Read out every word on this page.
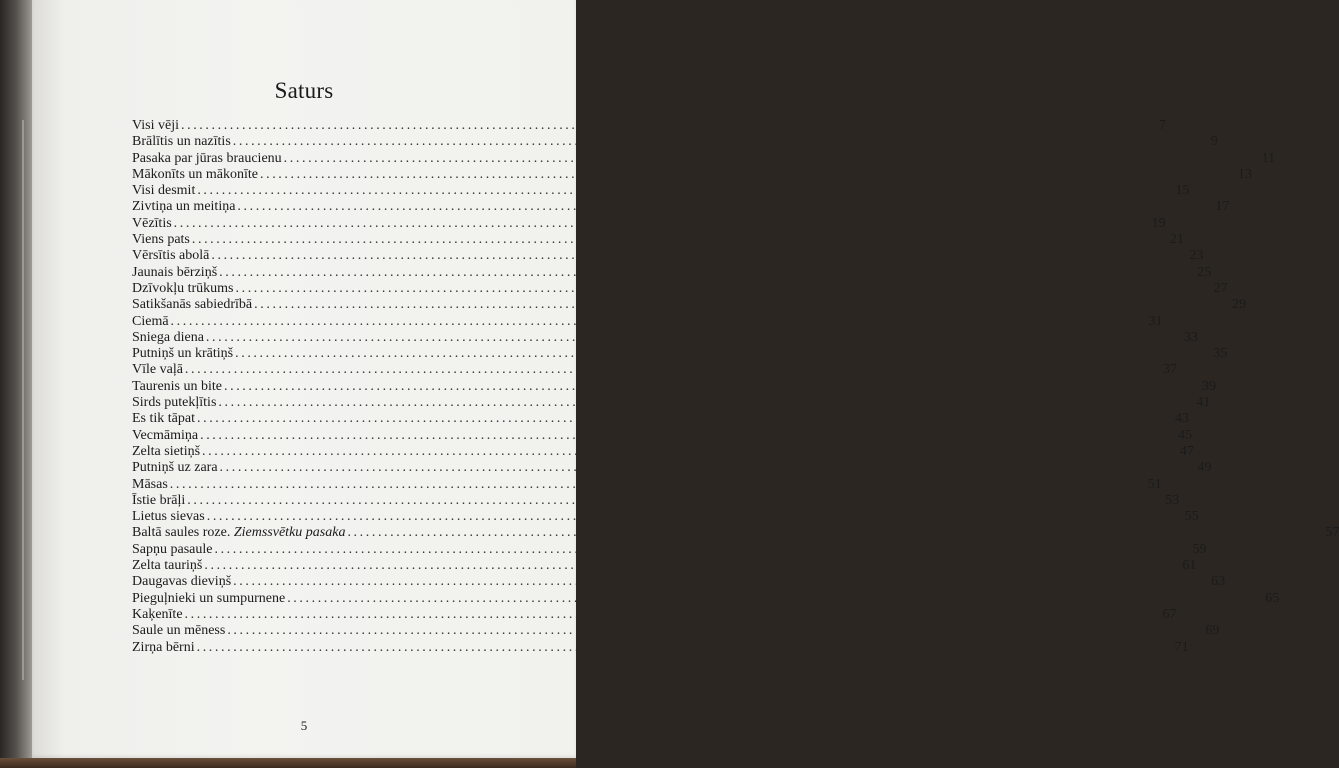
Saturs
Visi vēji ................................................................................................................................................................ 7
Brālītis un nazītis ................................................................................................................................................................ 9
Pasaka par jūras braucienu ................................................................................................................................................................ 11
Mākonīts un mākonīte ................................................................................................................................................................ 13
Visi desmit ................................................................................................................................................................ 15
Zivtiņa un meitiņa ................................................................................................................................................................ 17
Vēzītis ................................................................................................................................................................ 19
Viens pats ................................................................................................................................................................ 21
Vērsītis abolā ................................................................................................................................................................ 23
Jaunais bērziņš ................................................................................................................................................................ 25
Dzīvokļu trūkums ................................................................................................................................................................ 27
Satikšanās sabiedrībā ................................................................................................................................................................ 29
Ciemā ................................................................................................................................................................ 31
Sniega diena ................................................................................................................................................................ 33
Putniņš un krātiņš ................................................................................................................................................................ 35
Vīle vaļā ................................................................................................................................................................ 37
Taurenis un bite ................................................................................................................................................................ 39
Sirds putekļītis ................................................................................................................................................................ 41
Es tik tāpat ................................................................................................................................................................ 43
Vecmāmiņa ................................................................................................................................................................ 45
Zelta sietiņš ................................................................................................................................................................ 47
Putniņš uz zara ................................................................................................................................................................ 49
Māsas ................................................................................................................................................................ 51
Īstie brāļi ................................................................................................................................................................ 53
Lietus sievas ................................................................................................................................................................ 55
Baltā saules roze. Ziemssvētku pasaka ................................................................................................................................................................ 57
Sapņu pasaule ................................................................................................................................................................ 59
Zelta tauriņš ................................................................................................................................................................ 61
Daugavas dieviņš ................................................................................................................................................................ 63
Pieguļnieki un sumpurnene ................................................................................................................................................................ 65
Kaķenīte ................................................................................................................................................................ 67
Saule un mēness ................................................................................................................................................................ 69
Zirņa bērni ................................................................................................................................................................ 71
5
